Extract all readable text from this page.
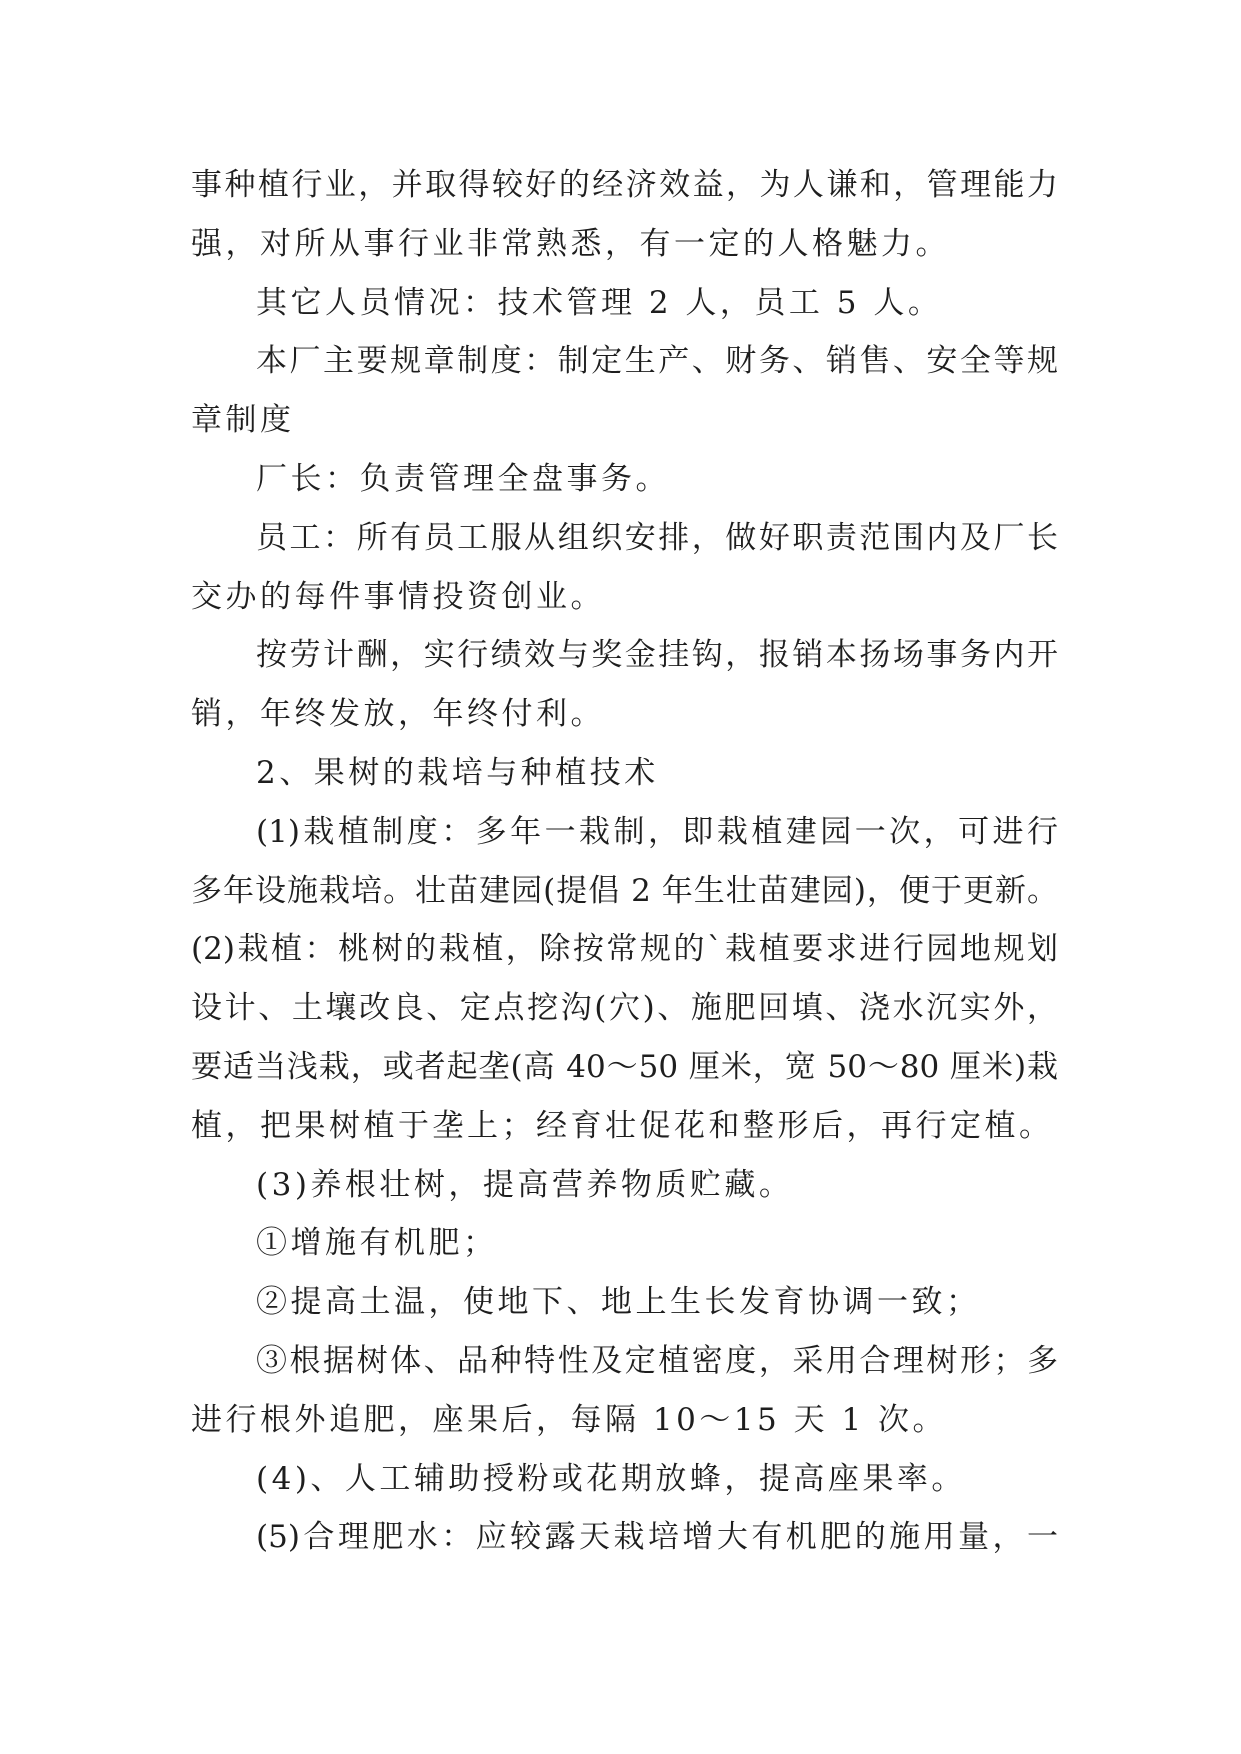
事种植行业，并取得较好的经济效益，为人谦和，管理能力
强，对所从事行业非常熟悉，有一定的人格魅力。
其它人员情况：技术管理 2 人，员工 5 人。
本厂主要规章制度：制定生产、财务、销售、安全等规
章制度
厂长：负责管理全盘事务。
员工：所有员工服从组织安排，做好职责范围内及厂长
交办的每件事情投资创业。
按劳计酬，实行绩效与奖金挂钩，报销本扬场事务内开
销，年终发放，年终付利。
2、果树的栽培与种植技术
(1)栽植制度：多年一栽制，即栽植建园一次，可进行
多年设施栽培。壮苗建园(提倡 2 年生壮苗建园)，便于更新。
(2)栽植：桃树的栽植，除按常规的`栽植要求进行园地规划
设计、土壤改良、定点挖沟(穴)、施肥回填、浇水沉实外，
要适当浅栽，或者起垄(高 40～50 厘米，宽 50～80 厘米)栽
植，把果树植于垄上；经育壮促花和整形后，再行定植。
(3)养根壮树，提高营养物质贮藏。
①增施有机肥；
②提高土温，使地下、地上生长发育协调一致；
③根据树体、品种特性及定植密度，采用合理树形；多
进行根外追肥，座果后，每隔 10～15 天 1 次。
(4)、人工辅助授粉或花期放蜂，提高座果率。
(5)合理肥水：应较露天栽培增大有机肥的施用量，一
